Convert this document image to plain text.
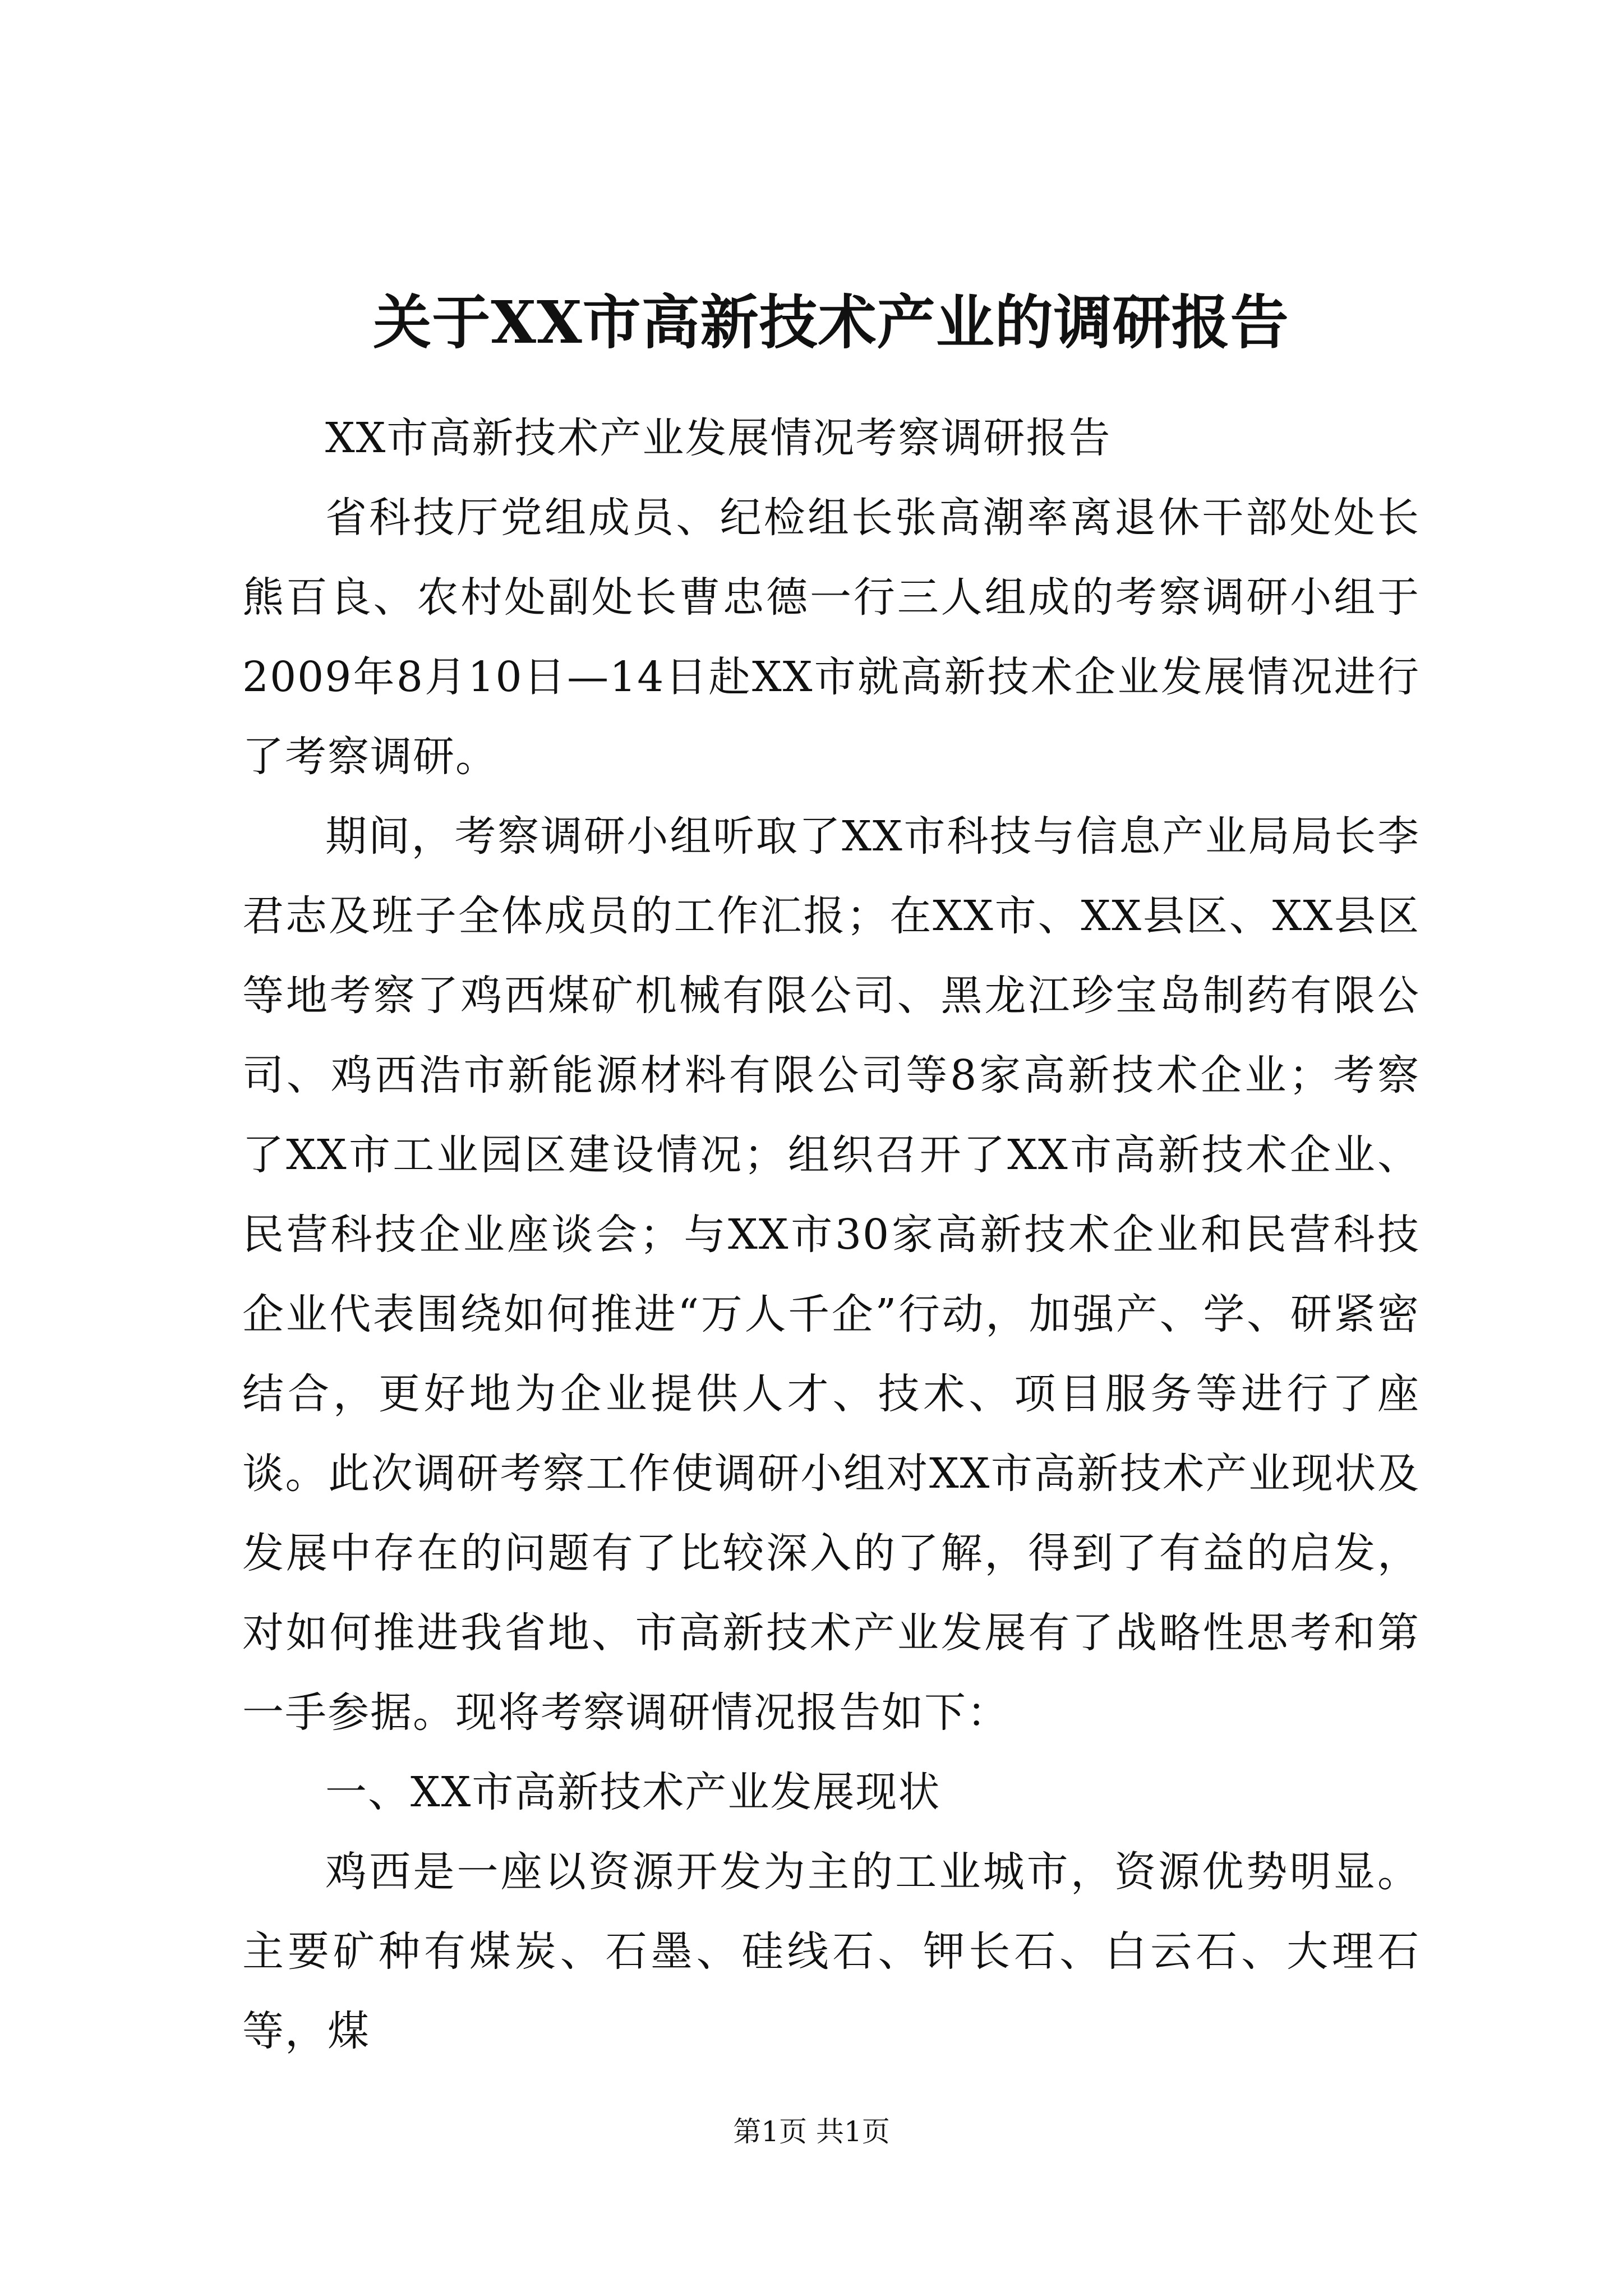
关于XX市高新技术产业的调研报告

XX市高新技术产业发展情况考察调研报告

省科技厅党组成员、纪检组长张高潮率离退休干部处处长熊百良、农村处副处长曹忠德一行三人组成的考察调研小组于2009年8月10日—14日赴XX市就高新技术企业发展情况进行了考察调研。

期间，考察调研小组听取了XX市科技与信息产业局局长李君志及班子全体成员的工作汇报；在XX市、XX县区、XX县区等地考察了鸡西煤矿机械有限公司、黑龙江珍宝岛制药有限公司、鸡西浩市新能源材料有限公司等8家高新技术企业；考察了XX市工业园区建设情况；组织召开了XX市高新技术企业、民营科技企业座谈会；与XX市30家高新技术企业和民营科技企业代表围绕如何推进“万人千企”行动，加强产、学、研紧密结合，更好地为企业提供人才、技术、项目服务等进行了座谈。此次调研考察工作使调研小组对XX市高新技术产业现状及发展中存在的问题有了比较深入的了解，得到了有益的启发，对如何推进我省地、市高新技术产业发展有了战略性思考和第一手参据。现将考察调研情况报告如下：

一、XX市高新技术产业发展现状

鸡西是一座以资源开发为主的工业城市，资源优势明显。主要矿种有煤炭、石墨、硅线石、钾长石、白云石、大理石等，煤

第1页 共1页
